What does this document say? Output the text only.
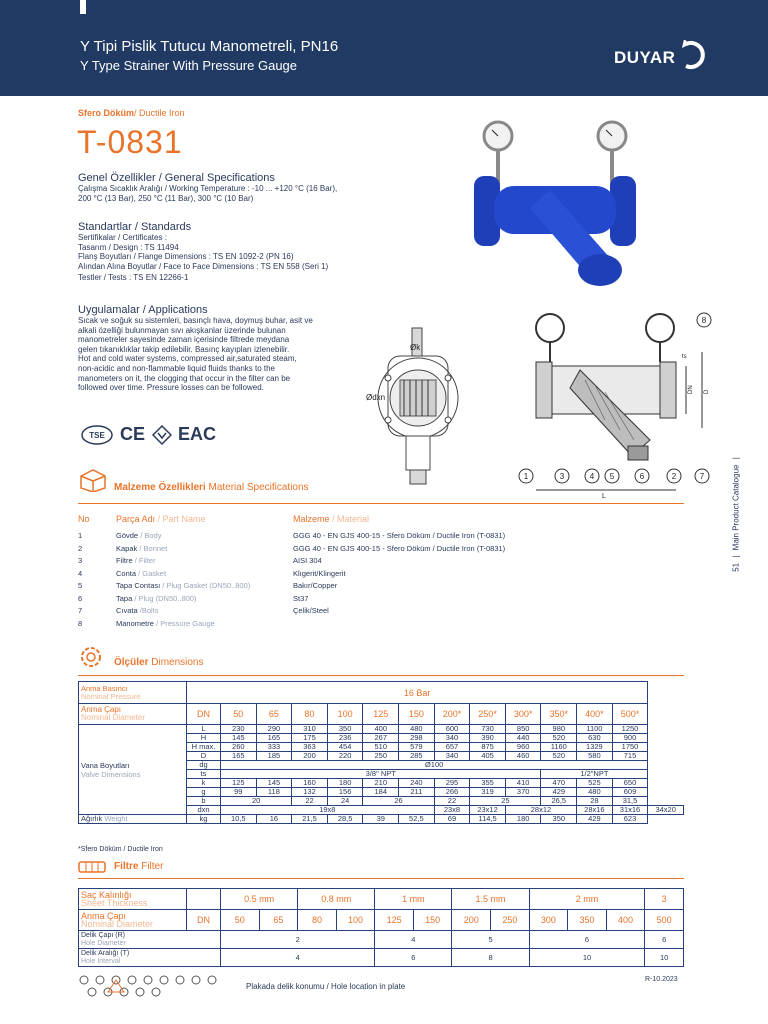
Y Tipi Pislik Tutucu Manometreli, PN16
Y Type Strainer With Pressure Gauge	DUYAR
Sfero Döküm/ Ductile Iron
T-0831
Genel Özellikler / General Specifications
Çalışma Sıcaklık Aralığı / Working Temperature : -10 ... +120 °C (16 Bar),
200 °C (13 Bar), 250 °C (11 Bar), 300 °C (10 Bar)
Standartlar / Standards
Sertifikalar / Certificates :
Tasarım / Design : TS 11494
Flanş Boyutları / Flange Dimensions : TS EN 1092-2 (PN 16)
Alından Alına Boyutlar / Face to Face Dimensions : TS EN 558 (Seri 1)
Testler / Tests : TS EN 12266-1
Uygulamalar / Applications
Sıcak ve soğuk su sistemleri, basınçlı hava, doymuş buhar, asit ve
alkali özelliği bulunmayan sıvı akışkanlar üzerinde bulunan
manometreler sayesinde zaman içerisinde filtrede meydana
gelen tıkanıklıklar takip edilebilir. Basınç kayıpları izlenebilir.
Hot and cold water systems, compressed air,saturated steam,
non-acidic and non-flammable liquid fluids thanks to the
manometers on it, the clogging that occur in the filter can be
followed over time. Pressure losses can be followed.
TSE CE EAC
Øk
Ødxn
DN D
ts
L
8
1	3	4 5	6	2	7
Malzeme Özellikleri Material Specifications
No	Parça Adı / Part Name	Malzeme / Material
1	Gövde / Body	GGG 40 - EN GJS 400-15 - Sfero Döküm / Ductile Iron (T-0831)
2	Kapak / Bonnet	GGG 40 - EN GJS 400-15 - Sfero Döküm / Ductile Iron (T-0831)
3	Filtre / Filter	AISI 304
4	Conta / Gasket	Klıgerit/Klingerit
5	Tapa Contası / Plug Gasket (DN50..800)	Bakır/Copper
6	Tapa / Plug (DN50..800)	St37
7	Cıvata /Bolts	Çelik/Steel
8	Manometre / Pressure Gauge
Ölçüler Dimensions
Anma Basıncı
Nominal Pressure	16 Bar													

Anma Çapı
Nominal Diameter	DN	50	65	80	100	125	150	200*	250*	300*	350*	400*	500*	

Vana Boyutları
Valve Dimensions	L	230	290	310	350	400	480	600	730	850	980	1100	1250	
	H	145	165	175	236	267	298	340	390	440	520	630	900	
	H max.	260	333	363	454	510	579	657	875	960	1160	1329	1750	
	D	165	185	200	220	250	285	340	405	460	520	580	715	
	dg	Ø100												
	ts	3/8" NPT									1/2"NPT			
	k	125	145	160	180	210	240	295	355	410	470	525	650	
	g	99	118	132	156	184	211	266	319	370	429	480	609	
	b	20		22	24	26		22	25		26,5	28	31,5	
	dxn	19x8						23x8	23x12	28x12		28x16	31x16	34x20
Ağırlık Weight	kg	10,5	16	21,5	28,5	39	52,5	69	114,5	180	350	429	623	
*Sfero Döküm / Ductile Iron
Filtre Filter
Saç Kalınlığı
Sheet Thickness		0.5 mm		0.8 mm		1 mm		1.5 mm		2 mm			3

Anma Çapı
Nominal Diameter	DN	50	65	80	100	125	150	200	250	300	350	400	500

Delik Çapı (R)
Hole Diameter		2				4		5		6			6

Delik Aralığı (T)
Hole Interval		4				6		8		10			10
Plakada delik konumu / Hole location in plate
R-10.2023
51 | Main Product Catalogue |
